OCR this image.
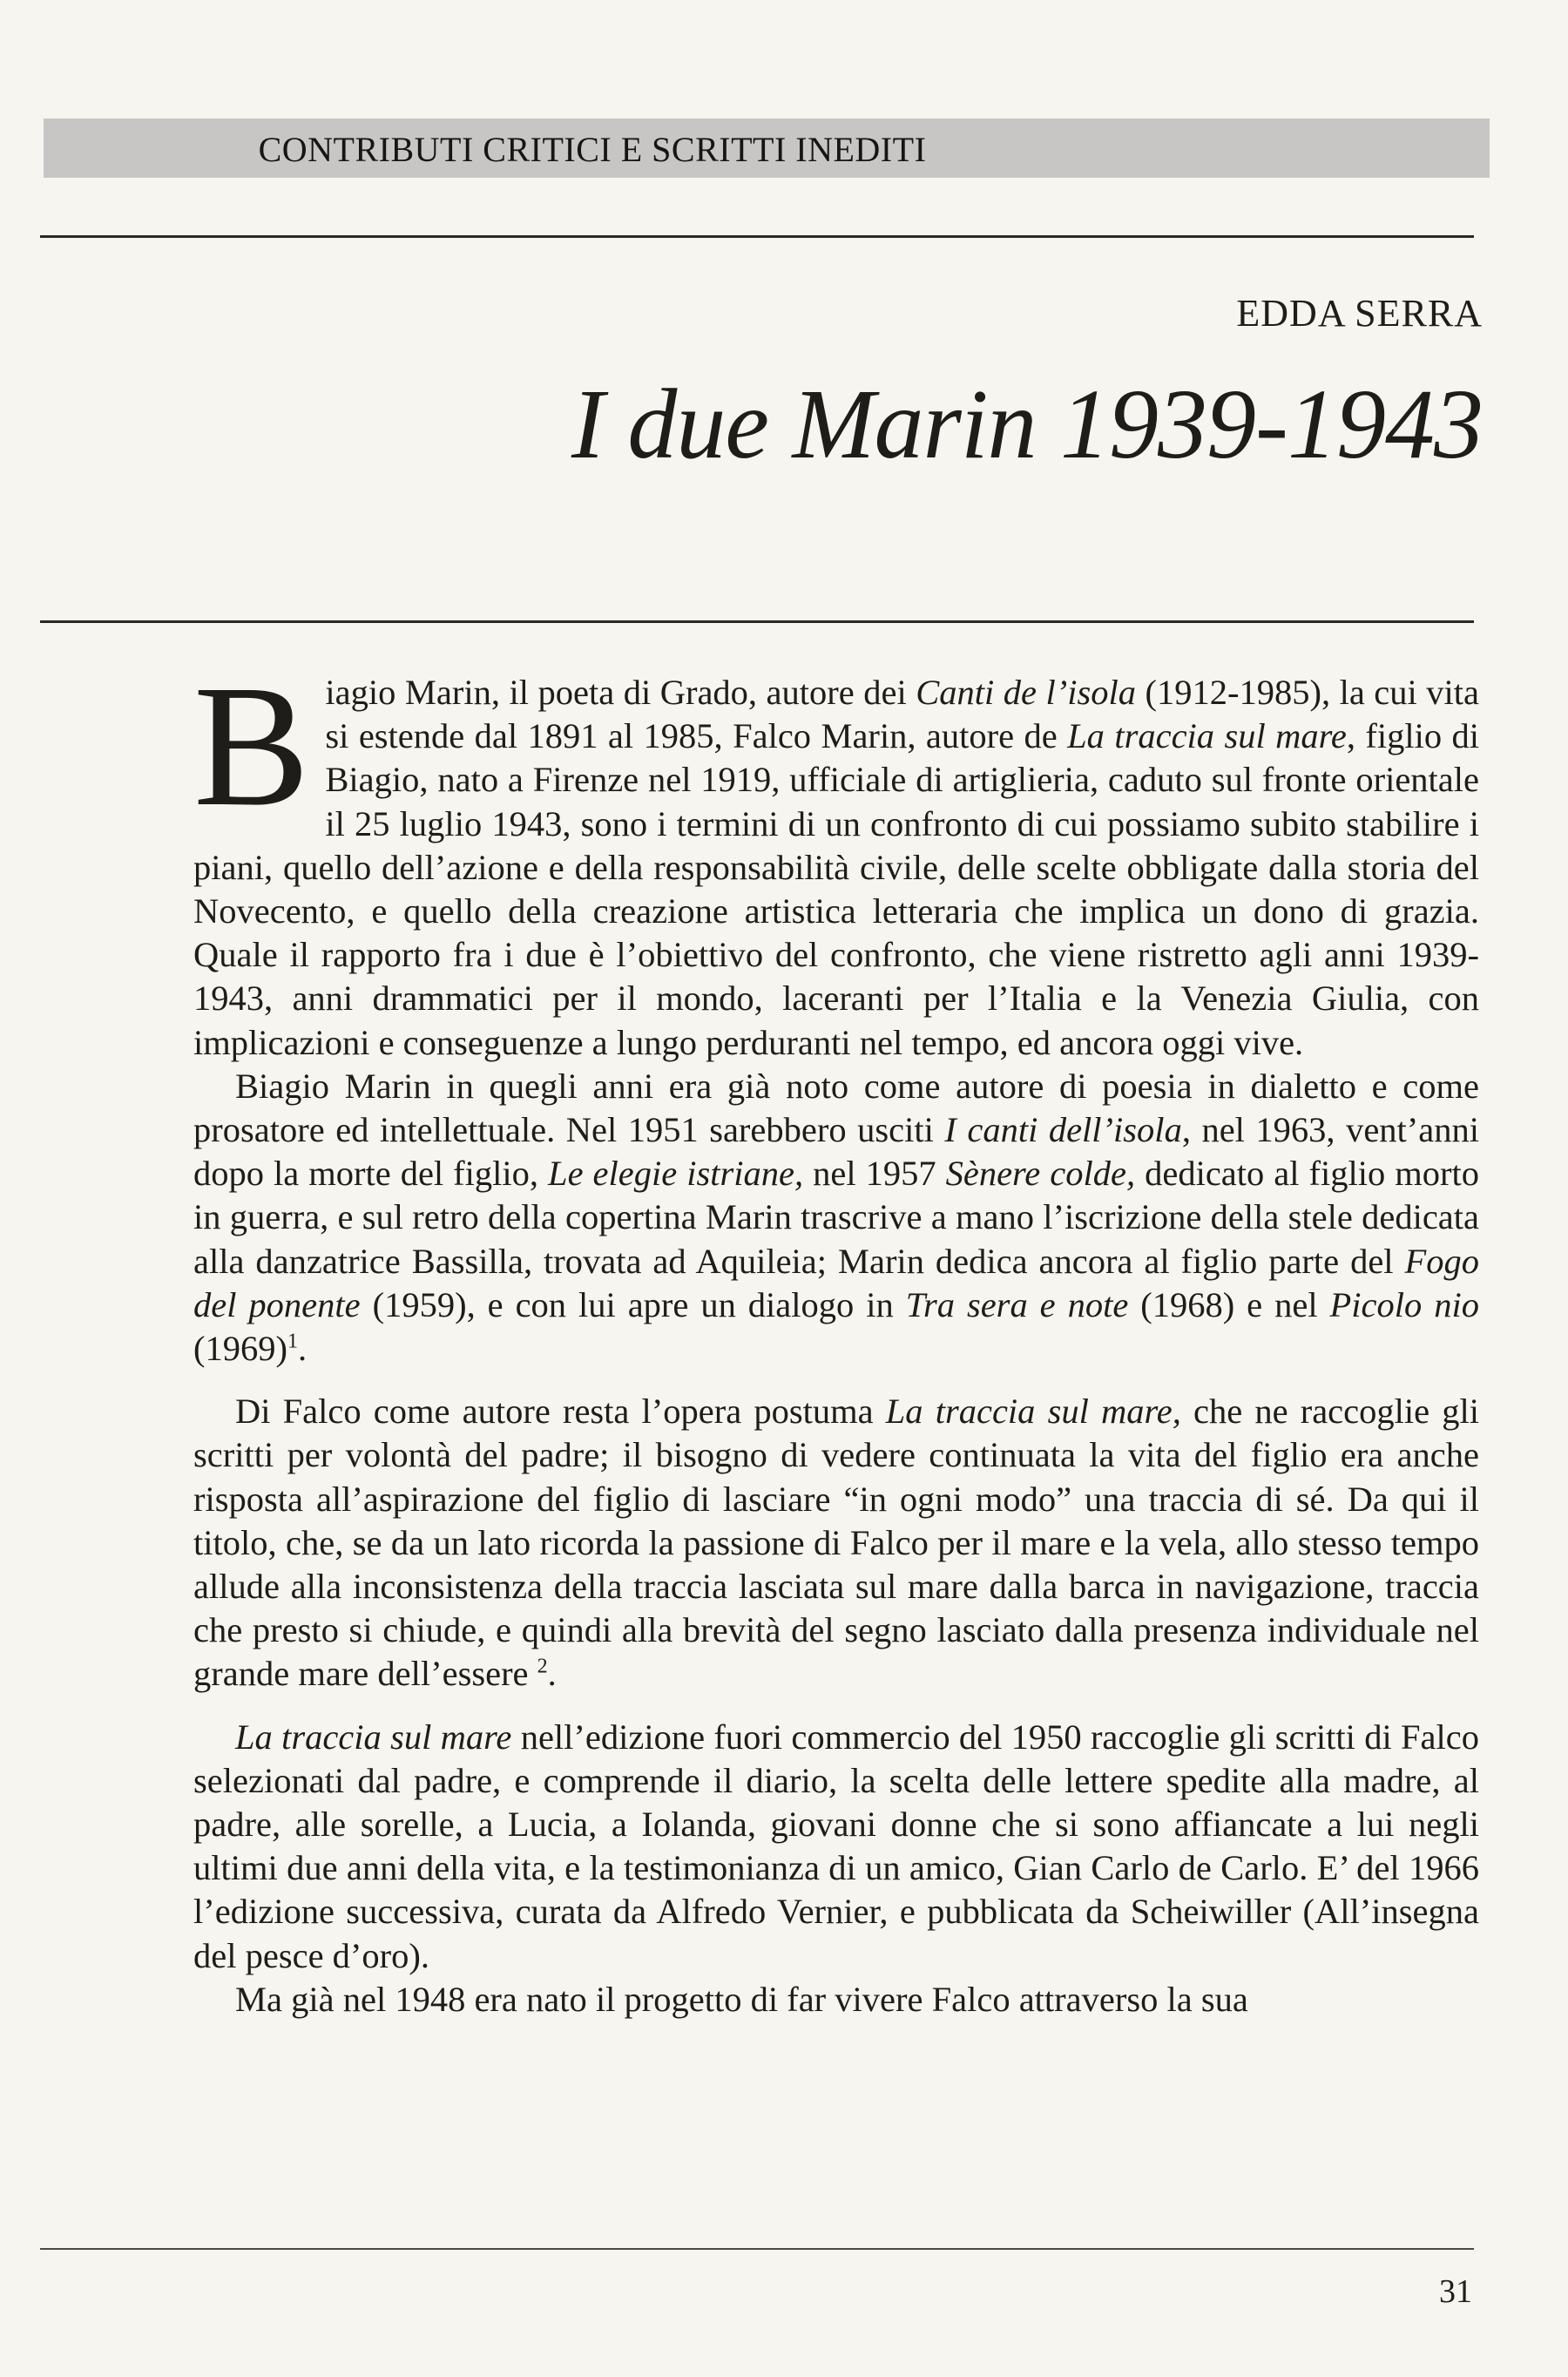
CONTRIBUTI CRITICI E SCRITTI INEDITI
EDDA SERRA
I due Marin 1939-1943

Biagio Marin, il poeta di Grado, autore dei Canti de l’isola (1912-1985), la cui vita si estende dal 1891 al 1985, Falco Marin, autore de La traccia sul mare, figlio di Biagio, nato a Firenze nel 1919, ufficiale di artiglieria, caduto sul fronte orientale il 25 luglio 1943, sono i termini di un confronto di cui possiamo subito stabilire i piani, quello dell’azione e della responsabilità civile, delle scelte obbligate dalla storia del Novecento, e quello della creazione artistica letteraria che implica un dono di grazia. Quale il rapporto fra i due è l’obiettivo del confronto, che viene ristretto agli anni 1939-1943, anni drammatici per il mondo, laceranti per l’Italia e la Venezia Giulia, con implicazioni e conseguenze a lungo perduranti nel tempo, ed ancora oggi vive.

Biagio Marin in quegli anni era già noto come autore di poesia in dialetto e come prosatore ed intellettuale. Nel 1951 sarebbero usciti I canti dell’isola, nel 1963, vent’anni dopo la morte del figlio, Le elegie istriane, nel 1957 Sènere colde, dedicato al figlio morto in guerra, e sul retro della copertina Marin trascrive a mano l’iscrizione della stele dedicata alla danzatrice Bassilla, trovata ad Aquileia; Marin dedica ancora al figlio parte del Fogo del ponente (1959), e con lui apre un dialogo in Tra sera e note (1968) e nel Picolo nio $(1969)^1$.

Di Falco come autore resta l’opera postuma La traccia sul mare, che ne raccoglie gli scritti per volontà del padre; il bisogno di vedere continuata la vita del figlio era anche risposta all’aspirazione del figlio di lasciare “in ogni modo” una traccia di sé. Da qui il titolo, che, se da un lato ricorda la passione di Falco per il mare e la vela, allo stesso tempo allude alla inconsistenza della traccia lasciata sul mare dalla barca in navigazione, traccia che presto si chiude, e quindi alla brevità del segno lasciato dalla presenza individuale nel grande mare dell’essere $^2$.

La traccia sul mare nell’edizione fuori commercio del 1950 raccoglie gli scritti di Falco selezionati dal padre, e comprende il diario, la scelta delle lettere spedite alla madre, al padre, alle sorelle, a Lucia, a Iolanda, giovani donne che si sono affiancate a lui negli ultimi due anni della vita, e la testimonianza di un amico, Gian Carlo de Carlo. E’ del 1966 l’edizione successiva, curata da Alfredo Vernier, e pubblicata da Scheiwiller (All’insegna del pesce d’oro).

Ma già nel 1948 era nato il progetto di far vivere Falco attraverso la sua

31
